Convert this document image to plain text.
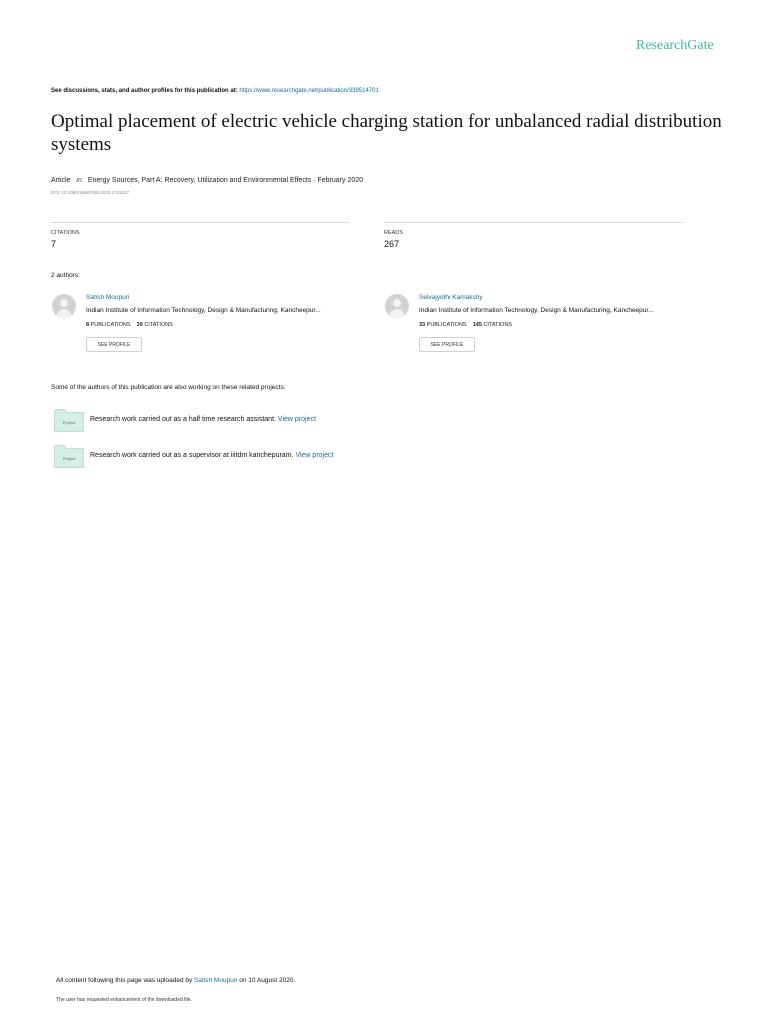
ResearchGate
See discussions, stats, and author profiles for this publication at: https://www.researchgate.net/publication/339514701
Optimal placement of electric vehicle charging station for unbalanced radial distribution systems
Article in Energy Sources, Part A: Recovery, Utilization and Environmental Effects · February 2020
DOI: 10.1080/15567036.2020.1731017
CITATIONS
7
READS
267
2 authors:
Satish Moupuri
Indian Institute of Information Technology, Design & Manufacturing, Kancheepur...
8 PUBLICATIONS 39 CITATIONS
SEE PROFILE
Selvajyothi Kamakshy
Indian Institute of Information Technology, Design & Manufacturing, Kancheepur...
33 PUBLICATIONS 145 CITATIONS
SEE PROFILE
Some of the authors of this publication are also working on these related projects:
Project	Research work carried out as a half time research assistant. View project
Project	Research work carried out as a supervisor at iiitdm kanchepuram. View project
All content following this page was uploaded by Satish Moupuri on 10 August 2020.
The user has requested enhancement of the downloaded file.
